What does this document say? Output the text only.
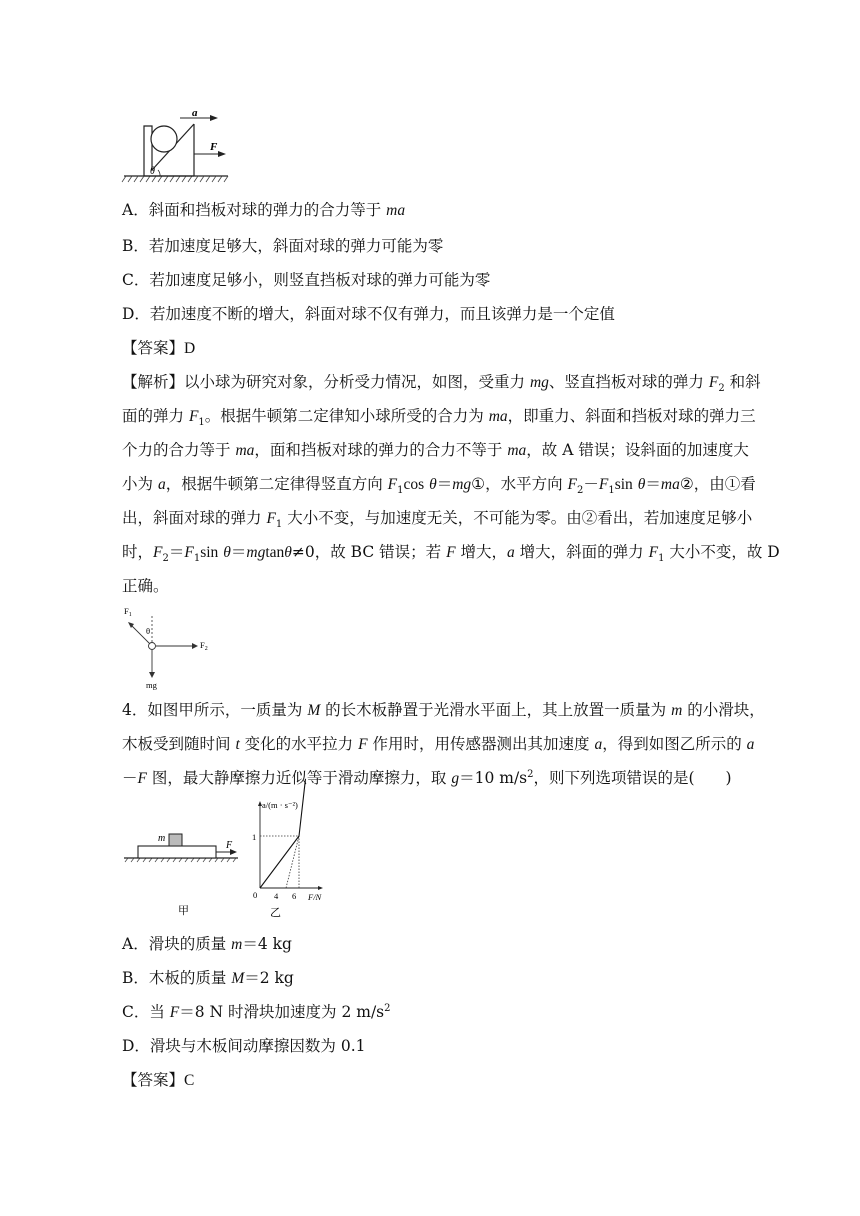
a
F
θ
A．斜面和挡板对球的弹力的合力等于 ma
B．若加速度足够大，斜面对球的弹力可能为零
C．若加速度足够小，则竖直挡板对球的弹力可能为零
D．若加速度不断的增大，斜面对球不仅有弹力，而且该弹力是一个定值
【答案】D
【解析】以小球为研究对象，分析受力情况，如图，受重力 mg、竖直挡板对球的弹力 $F_2$ 和斜
面的弹力 $F_1$。根据牛顿第二定律知小球所受的合力为 ma，即重力、斜面和挡板对球的弹力三
个力的合力等于 ma，面和挡板对球的弹力的合力不等于 ma，故 A 错误；设斜面的加速度大
小为 a，根据牛顿第二定律得竖直方向 $F_1\cos$ θ＝mg①，水平方向 $F_2-F_1\sin$ θ＝ma②，由①看
出，斜面对球的弹力 $F_1$ 大小不变，与加速度无关，不可能为零。由②看出，若加速度足够小
时，$F_2=F_1\sin$ θ＝mgtanθ≠0，故 BC 错误；若 F 增大，a 增大，斜面的弹力 $F_1$ 大小不变，故 D
正确。
$F_1$
$F_2$
θ
mg
4．如图甲所示，一质量为 M 的长木板静置于光滑水平面上，其上放置一质量为 m 的小滑块，
木板受到随时间 t 变化的水平拉力 F 作用时，用传感器测出其加速度 a，得到如图乙所示的 a
－F 图，最大静摩擦力近似等于滑动摩擦力，取 g＝10 $m/s^2$，则下列选项错误的是(　　)
m
F
甲
a/(m · s⁻²)
F/N
1
0 4 6
乙
A．滑块的质量 m＝4 kg
B．木板的质量 M＝2 kg
C．当 F＝8 N 时滑块加速度为 2 $m/s^2$
D．滑块与木板间动摩擦因数为 0.1
【答案】C
